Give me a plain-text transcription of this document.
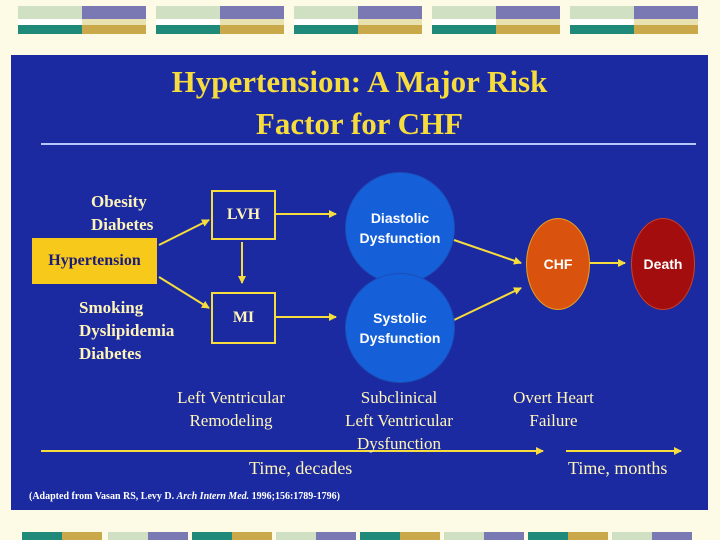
Hypertension: A Major Risk
Factor for CHF
Obesity
Diabetes
Hypertension
Smoking
Dyslipidemia
Diabetes
LVH
MI
Diastolic
Dysfunction
Systolic
Dysfunction
CHF	Death
Left Ventricular
Remodeling
Subclinical
Left Ventricular
Dysfunction
Overt Heart
Failure
Time, decades	Time, months
(Adapted from Vasan RS, Levy D. Arch Intern Med. 1996;156:1789-1796)
